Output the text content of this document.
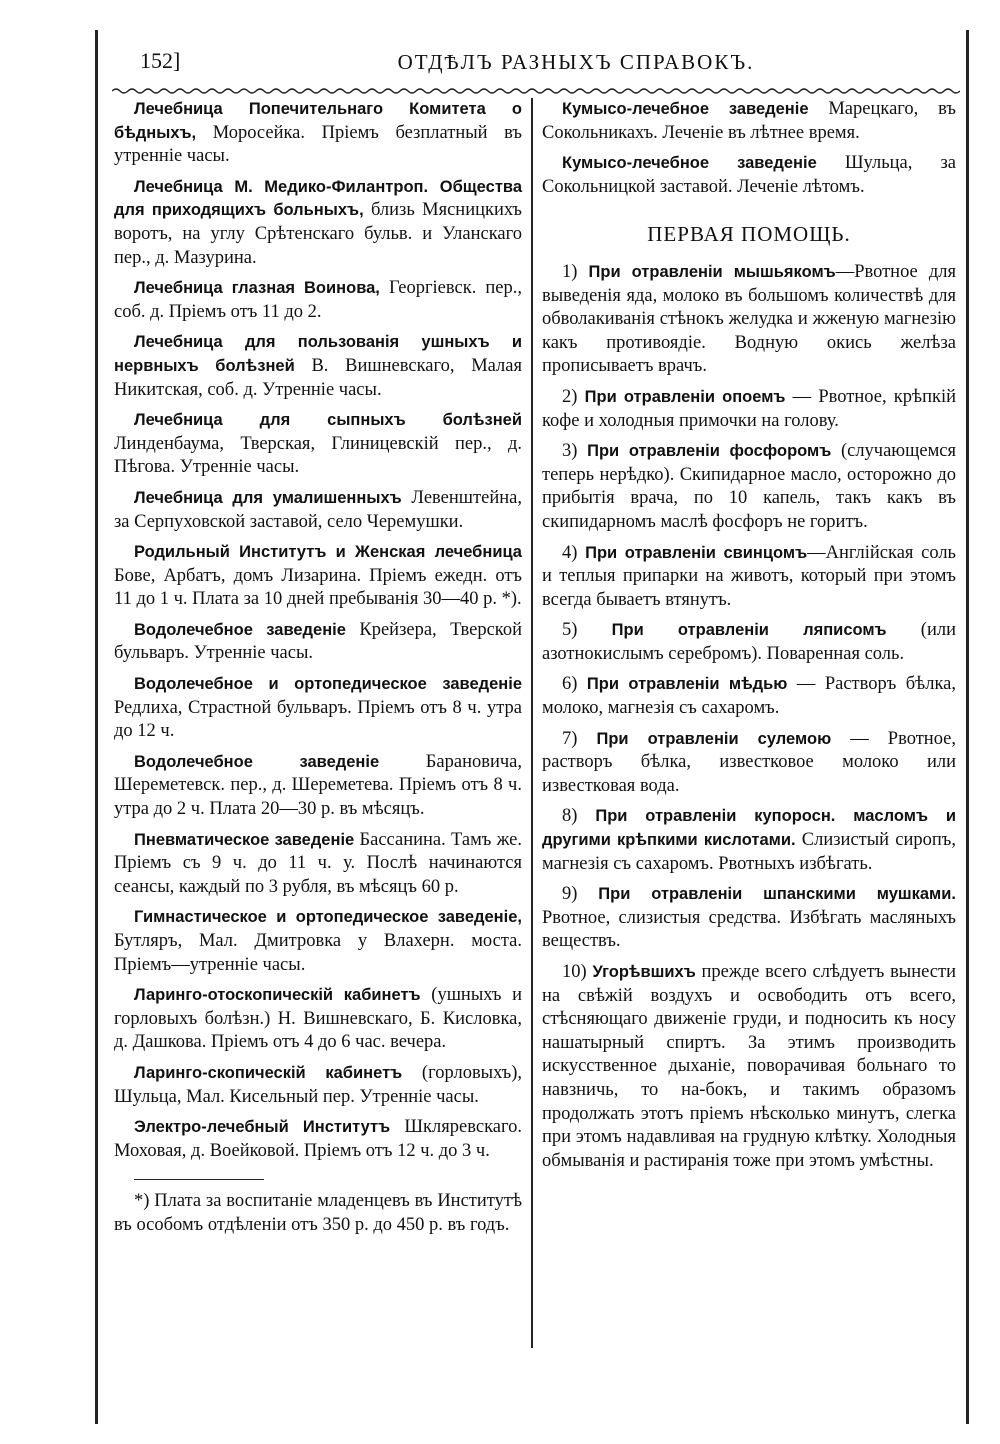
152]	ОТДѢЛЪ РАЗНЫХЪ СПРАВОКЪ.

Лечебница Попечительнаго Комитета о бѣдныхъ, Моросейка. Пріемъ безплатный въ утренніе часы.

Лечебница М. Медико-Филантроп. Общества для приходящихъ больныхъ, близь Мясницкихъ воротъ, на углу Срѣтенскаго бульв. и Уланскаго пер., д. Мазурина.

Лечебница глазная Воинова, Георгіевск. пер., соб. д. Пріемъ отъ 11 до 2.

Лечебница для пользованія ушныхъ и нервныхъ болѣзней В. Вишневскаго, Малая Никитская, соб. д. Утренніе часы.

Лечебница для сыпныхъ болѣзней Линденбаума, Тверская, Глиницевскій пер., д. Пѣгова. Утренніе часы.

Лечебница для умалишенныхъ Левенштейна, за Серпуховской заставой, село Черемушки.

Родильный Институтъ и Женская лечебница Бове, Арбатъ, домъ Лизарина. Пріемъ ежедн. отъ 11 до 1 ч. Плата за 10 дней пребыванія 30—40 р. *).

Водолечебное заведеніе Крейзера, Тверской бульваръ. Утренніе часы.

Водолечебное и ортопедическое заведеніе Редлиха, Страстной бульваръ. Пріемъ отъ 8 ч. утра до 12 ч.

Водолечебное заведеніе Барановича, Шереметевск. пер., д. Шереметева. Пріемъ отъ 8 ч. утра до 2 ч. Плата 20—30 р. въ мѣсяцъ.

Пневматическое заведеніе Бассанина. Тамъ же. Пріемъ съ 9 ч. до 11 ч. у. Послѣ начинаются сеансы, каждый по 3 рубля, въ мѣсяцъ 60 р.

Гимнастическое и ортопедическое заведеніе, Бутляръ, Мал. Дмитровка у Влахерн. моста. Пріемъ—утренніе часы.

Ларинго-отоскопическій кабинетъ (ушныхъ и горловыхъ болѣзн.) Н. Вишневскаго, Б. Кисловка, д. Дашкова. Пріемъ отъ 4 до 6 час. вечера.

Ларинго-скопическій кабинетъ (горловыхъ), Шульца, Мал. Кисельный пер. Утренніе часы.

Электро-лечебный Институтъ Шкляревскаго. Моховая, д. Воейковой. Пріемъ отъ 12 ч. до 3 ч.

*) Плата за воспитаніе младенцевъ въ Институтѣ въ особомъ отдѣленіи отъ 350 р. до 450 р. въ годъ.

Кумысо-лечебное заведеніе Марецкаго, въ Сокольникахъ. Леченіе въ лѣтнее время.

Кумысо-лечебное заведеніе Шульца, за Сокольницкой заставой. Леченіе лѣтомъ.

ПЕРВАЯ ПОМОЩЬ.

1) При отравленіи мышьякомъ—Рвотное для выведенія яда, молоко въ большомъ количествѣ для обволакиванія стѣнокъ желудка и жженую магнезію какъ противоядіе. Водную окись желѣза прописываетъ врачъ.

2) При отравленіи опоемъ — Рвотное, крѣпкій кофе и холодныя примочки на голову.

3) При отравленіи фосфоромъ (случающемся теперь нерѣдко). Скипидарное масло, осторожно до прибытія врача, по 10 капель, такъ какъ въ скипидарномъ маслѣ фосфоръ не горитъ.

4) При отравленіи свинцомъ—Англійская соль и теплыя припарки на животъ, который при этомъ всегда бываетъ втянутъ.

5) При отравленіи ляписомъ (или азотнокислымъ серебромъ). Поваренная соль.

6) При отравленіи мѣдью — Растворъ бѣлка, молоко, магнезія съ сахаромъ.

7) При отравленіи сулемою — Рвотное, растворъ бѣлка, известковое молоко или известковая вода.

8) При отравленіи купоросн. масломъ и другими крѣпкими кислотами. Слизистый сиропъ, магнезія съ сахаромъ. Рвотныхъ избѣгать.

9) При отравленіи шпанскими мушками. Рвотное, слизистыя средства. Избѣгать масляныхъ веществъ.

10) Угорѣвшихъ прежде всего слѣдуетъ вынести на свѣжій воздухъ и освободить отъ всего, стѣсняющаго движеніе груди, и подносить къ носу нашатырный спиртъ. За этимъ производить искусственное дыханіе, поворачивая больнаго то навзничь, то на-бокъ, и такимъ образомъ продолжать этотъ пріемъ нѣсколько минутъ, слегка при этомъ надавливая на грудную клѣтку. Холодныя обмыванія и растиранія тоже при этомъ умѣстны.
